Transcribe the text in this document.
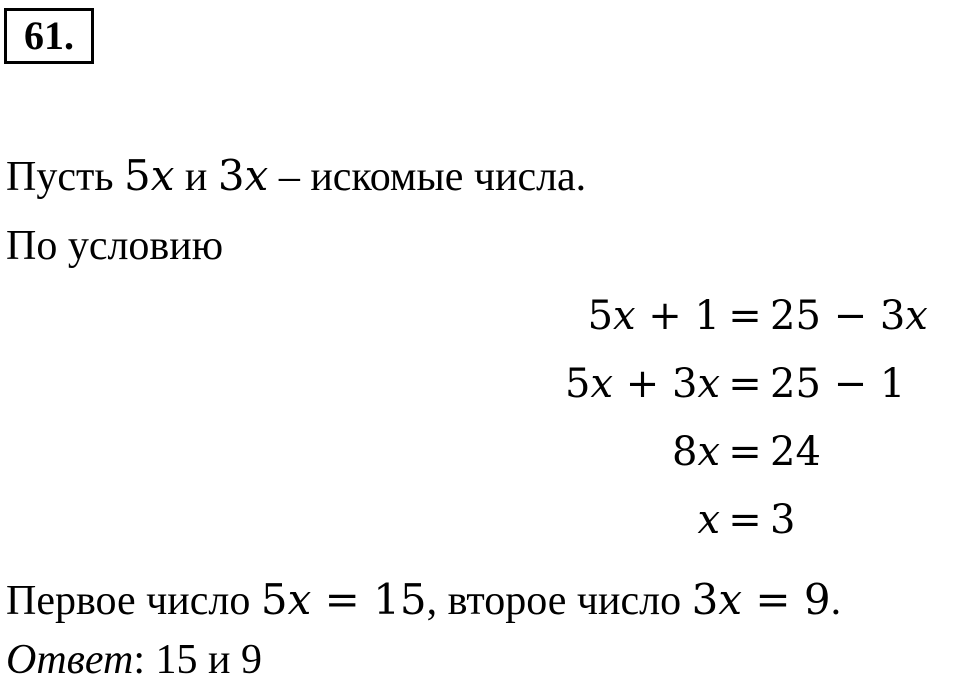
61.
Пусть 5x и 3x – искомые числа.
По условию
5x + 1 = 25 − 3x
5x + 3x = 25 − 1
8x = 24
x = 3
Первое число 5x = 15, второе число 3x = 9.
Ответ: 15 и 9
